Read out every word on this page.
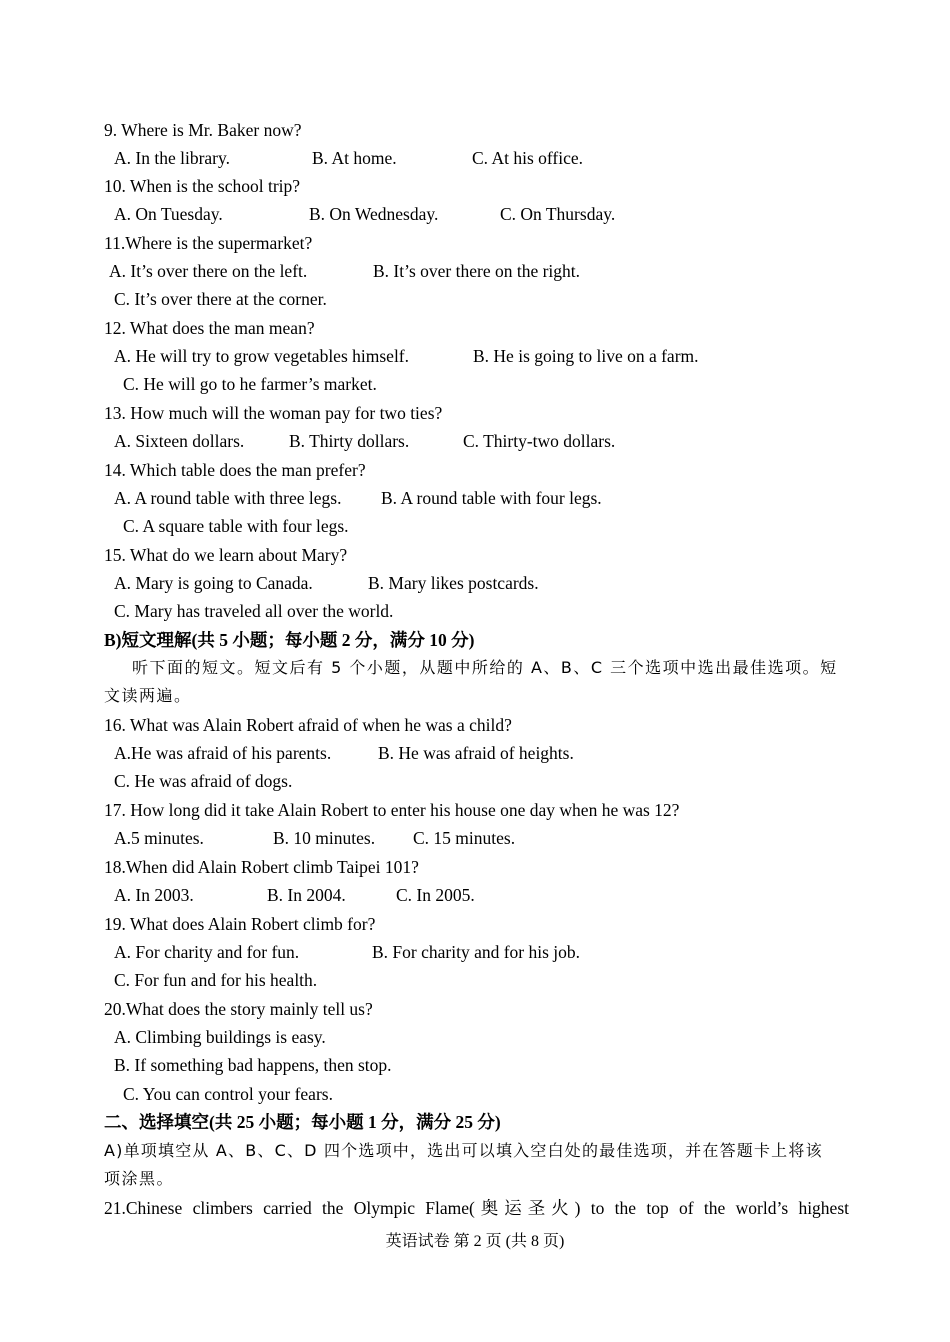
9. Where is Mr. Baker now?
A. In the library.	B. At home.	C. At his office.
10. When is the school trip?
A. On Tuesday.	B. On Wednesday.	C. On Thursday.
11.Where is the supermarket?
A. It’s over there on the left.	B. It’s over there on the right.
C. It’s over there at the corner.
12. What does the man mean?
A. He will try to grow vegetables himself.	B. He is going to live on a farm.
C. He will go to he farmer’s market.
13. How much will the woman pay for two ties?
A. Sixteen dollars.	B. Thirty dollars.	C. Thirty-two dollars.
14. Which table does the man prefer?
A. A round table with three legs. B. A round table with four legs.
C. A square table with four legs.
15. What do we learn about Mary?
A. Mary is going to Canada.	B. Mary likes postcards.
C. Mary has traveled all over the world.
B)短文理解(共 5 小题；每小题 2 分，满分 10 分)
听下面的短文。短文后有 5 个小题，从题中所给的 A、B、C 三个选项中选出最佳选项。短
文读两遍。
16. What was Alain Robert afraid of when he was a child?
A.He was afraid of his parents.	B. He was afraid of heights.
C. He was afraid of dogs.
17. How long did it take Alain Robert to enter his house one day when he was 12?
A.5 minutes.	B. 10 minutes. C. 15 minutes.
18.When did Alain Robert climb Taipei 101?
A. In 2003.	B. In 2004.	C. In 2005.
19. What does Alain Robert climb for?
A. For charity and for fun.	B. For charity and for his job.
C. For fun and for his health.
20.What does the story mainly tell us?
A. Climbing buildings is easy.
B. If something bad happens, then stop.
C. You can control your fears.
二、选择填空(共 25 小题；每小题 1 分，满分 25 分)
A)单项填空从 A、B、C、D 四个选项中，选出可以填入空白处的最佳选项，并在答题卡上将该
项涂黑。
21.Chinese climbers carried the Olympic Flame(奥运圣火) to the top of the world’s highest
英语试卷 第 2 页 (共 8 页)
